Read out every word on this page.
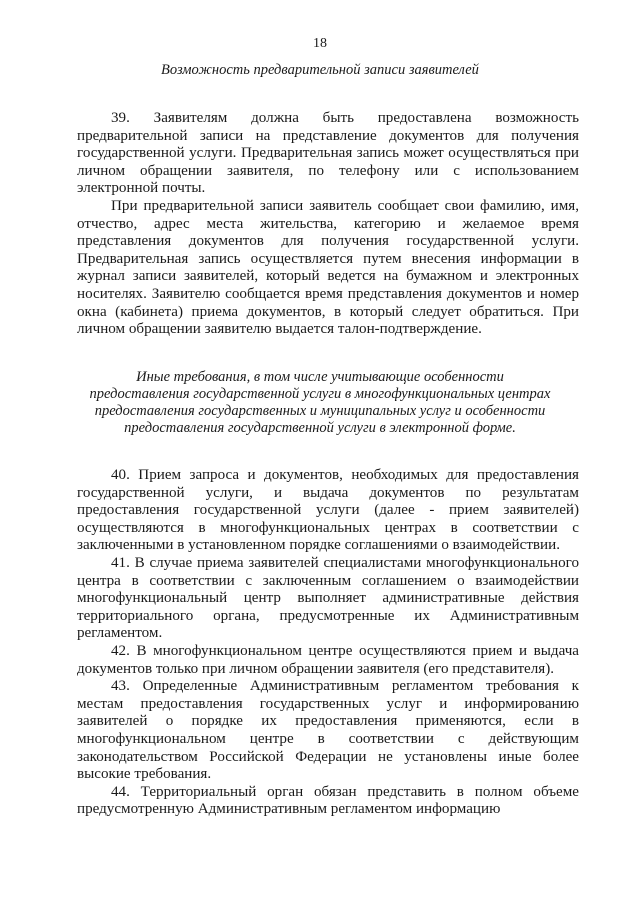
18
Возможность предварительной записи заявителей

39. Заявителям должна быть предоставлена возможность предварительной записи на представление документов для получения государственной услуги. Предварительная запись может осуществляться при личном обращении заявителя, по телефону или с использованием электронной почты.

При предварительной записи заявитель сообщает свои фамилию, имя, отчество, адрес места жительства, категорию и желаемое время представления документов для получения государственной услуги. Предварительная запись осуществляется путем внесения информации в журнал записи заявителей, который ведется на бумажном и электронных носителях. Заявителю сообщается время представления документов и номер окна (кабинета) приема документов, в который следует обратиться. При личном обращении заявителю выдается талон-подтверждение.

Иные требования, в том числе учитывающие особенности
предоставления государственной услуги в многофункциональных центрах
предоставления государственных и муниципальных услуг и особенности
предоставления государственной услуги в электронной форме.

40. Прием запроса и документов, необходимых для предоставления государственной услуги, и выдача документов по результатам предоставления государственной услуги (далее - прием заявителей) осуществляются в многофункциональных центрах в соответствии с заключенными в установленном порядке соглашениями о взаимодействии.

41. В случае приема заявителей специалистами многофункционального центра в соответствии с заключенным соглашением о взаимодействии многофункциональный центр выполняет административные действия территориального органа, предусмотренные их Административным регламентом.

42. В многофункциональном центре осуществляются прием и выдача документов только при личном обращении заявителя (его представителя).

43. Определенные Административным регламентом требования к местам предоставления государственных услуг и информированию заявителей о порядке их предоставления применяются, если в многофункциональном центре в соответствии с действующим законодательством Российской Федерации не установлены иные более высокие требования.

44. Территориальный орган обязан представить в полном объеме предусмотренную Административным регламентом информацию
